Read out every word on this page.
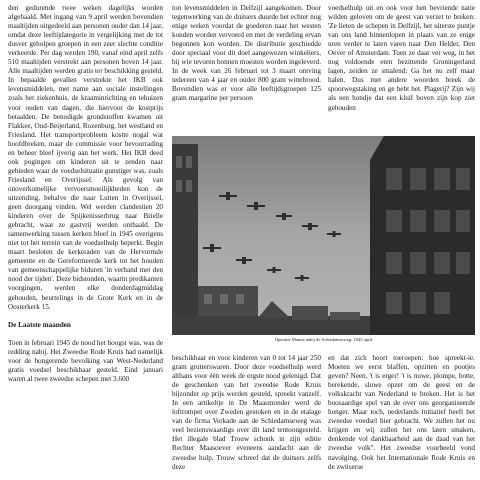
den gedurende twee weken dagelijks worden afgehaald. Met ingang van 9 april werden bovendien maaltijden uitgedeeld aan personen ouder dan 14 jaar, omdat deze leeftijdategorie in vergelijking met de tot dusver geholpen groepen in een zeer slechte conditie verkeerde. Per dag werden 190, vanaf eind april zelfs 510 maaltijden verstrekt aan personen boven 14 jaar. Alle maaltijden werden gratis ter beschikking gesteld. In bepaalde gevallen verstrekte het IKB ook levensmiddelen, met name aan sociale instellingen zoals het ziekenhuis, de kraaminrichting en tehuizen voor ouden van dagen, die hiervoor de kostprijs betaalden. De benodigde grondstoffen kwamen uit Flakkee, Oud-Beijerland, Rozenburg, het westland en Friesland. Het transportprobleem kostte nogal wat hoofdbreken, maar de commissie voor bevoorrading en beheer bleef ijverig aan het werk. Het IKB deed ook pogingen om kinderen uit te zenden naar gebieden waar de voedselsituatie gunstiger was, zoals Friesland en Overijssel. Als gevolg van onoverkomelijke vervoersmoeilijkheden kon de uitzending, behalve die naar Lutten in Overijssel, geen doorgang vinden. Wel werden clandestien 20 kinderen over de Spijkenisserbrug naar Brielle gebracht, waar ze gastvrij werden onthaald. De samenwerking tussen kerken bleef in 1945 overigens niet tot het terrein van de voedselhulp beperkt. Begin maart besloten de kerkeraden van de Hervormde gemeente en de Gereformeerde kerk tot het houden van gemeenschappelijke biduren 'in verband met den nood der tijden'. Deze bidstonden, waarin predikanten voorgingen, werden elke donderdagmiddag gehouden, beurtelings in de Grote Kerk en in de Oosterkerk 15.

De Laatste maanden

Toen in februari 1945 de nood het hoogst was, was de redding nabij. Het Zweedse Rode Kruis had namelijk voor de hongerende bevolking van West-Nederland gratis voedsel beschikbaar gesteld. Eind januari waren al twee zweedse schepen met 3.600

ton levensmiddelen in Delfzijl aangekomen. Door tegenwerking van de duitsers duurde het echter nog enige weken voordat de goederen naar het westen konden worden vervoerd en met de verdeling ervan begonnen kon worden. De distributie geschiedde door speciaal voor dit doel aangewezen winkeliers, bij wie tevoren bonnen moesten worden ingeleverd. In de week van 26 februari tot 3 maart ontving iedereen van 4 jaar en ouder 800 gram wittebrood. Bovendien was er voor alle leeftijdsgroepen 125 gram margarine per persoon

voedselhulp uit en ook voor hen bevriende natie wilden geloven om de geest van verzet te breken: 'Ze lieten de schepen in Delfzijl, het uiterste puntje van ons land binnenlopen in plaats van ze enige uren verder te laten varen naar Den Helder, Den Oever of Amsterdam. Toen ze daar ver weg, in het nog voldoende eten bezittende Groningerland lagen, zeiden ze smalend: Ga het nu zelf maar halen. Dus met andere woorden breek de spoorwegstaking en ge hebt het. Plagerij? Zijn wij als een hondje dat een kluif boven zijn kop ziet gehouden

Operatie Manna nabij de Schiedamseweg, 1945 april

beschikbaar en voor kinderen van 0 tot 14 jaar 250 gram grutterswaren. Door deze voedselhulp werd althans voor één week de ergste nood gelenigd. Dat de geschenken van het zweedse Rode Kruis bijzonder op prijs werden gesteld, spreekt vanzelf. In een artikeltje in De Maasmonder werd de loftrompet over Zweden gestoken en in de etalage van de firma Verkade aan de Schiedamseweg was veel bezienswaardigs over dit land tentoongesteld. Het illegale blad Trouw schonk in zijn editie Rechter Maasoever eveneens aandacht aan de zweedse hulp. Trouw schreef dat de duitsers zelfs deze

en dat zich hoort toeroepen: hoe spreekt-ie. Moeten we eerst blaffen, opzitten en pootjes geven? Neen, 't is erger! 't is nuwe, plompe, botte, berekende, sluwe opzet om de geest en de volkskracht van Nederland te breken. Het is het boosaardige spel van de over ons georganiseerde honger. Maar toch, nederlands initiatief heeft het zweedse voedsel hier gebracht. We zullen het nu krijgen en wij zullen het ons laten smaken, denkende vol dankbaarheid aan de daad van het zweedse volk''. Het zweedse voorbeeld vond navolging. Ook het Internationale Rode Kruis en de zwitserse
